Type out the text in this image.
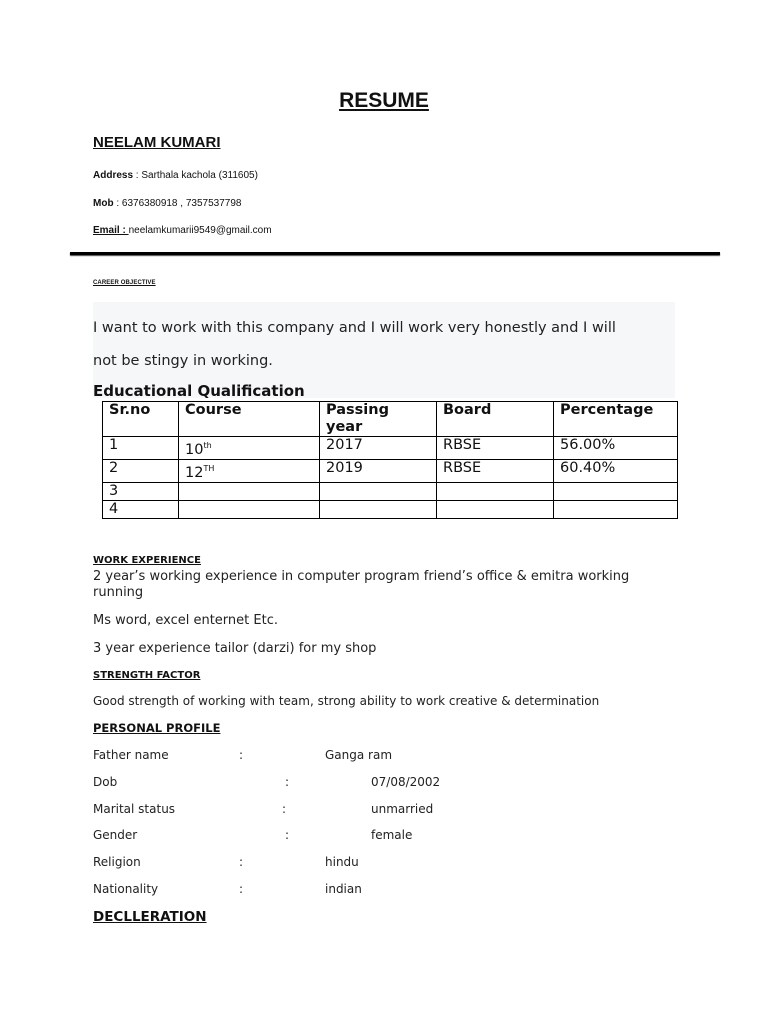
RESUME
NEELAM KUMARI
Address : Sarthala kachola (311605)
Mob : 6376380918 , 7357537798
Email : neelamkumarii9549@gmail.com
CAREER OBJECTIVE
I want to work with this company and I will work very honestly and I will
not be stingy in working.
Educational Qualification
Sr.no	Course	Passing year	Board	Percentage
1	10th	2017	RBSE	56.00%
2	12TH	2019	RBSE	60.40%
3				
4				
WORK EXPERIENCE
2 year’s working experience in computer program friend’s office & emitra working
running
Ms word, excel enternet Etc.
3 year experience tailor (darzi) for my shop
STRENGTH FACTOR
Good strength of working with team, strong ability to work creative & determination
PERSONAL PROFILE
Father name	:	Ganga ram
Dob	:	07/08/2002
Marital status	:	unmarried
Gender	:	female
Religion	:	hindu
Nationality	:	indian
DECLLERATION
